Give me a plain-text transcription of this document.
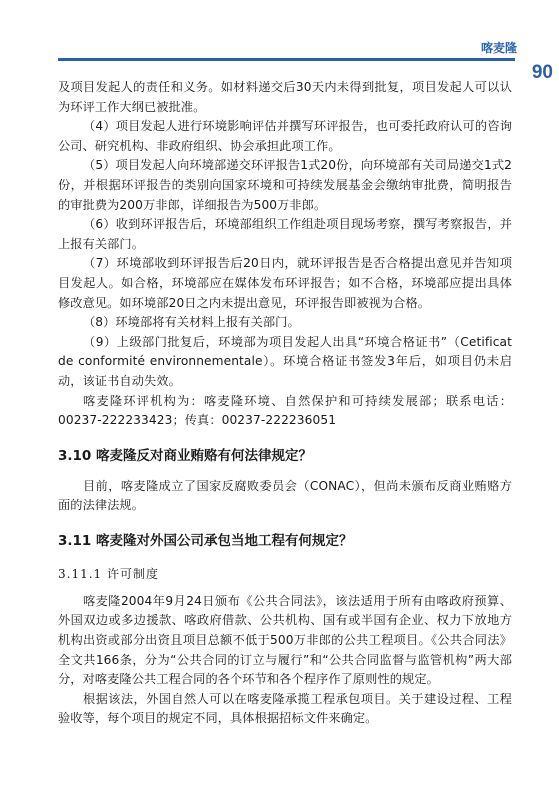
喀麦隆
90

及项目发起人的责任和义务。如材料递交后30天内未得到批复，项目发起人可以认为环评工作大纲已被批准。

（4）项目发起人进行环境影响评估并撰写环评报告，也可委托政府认可的咨询公司、研究机构、非政府组织、协会承担此项工作。

（5）项目发起人向环境部递交环评报告1式20份，向环境部有关司局递交1式2份，并根据环评报告的类别向国家环境和可持续发展基金会缴纳审批费，简明报告的审批费为200万非郎，详细报告为500万非郎。

（6）收到环评报告后，环境部组织工作组赴项目现场考察，撰写考察报告，并上报有关部门。

（7）环境部收到环评报告后20日内，就环评报告是否合格提出意见并告知项目发起人。如合格，环境部应在媒体发布环评报告；如不合格，环境部应提出具体修改意见。如环境部20日之内未提出意见，环评报告即被视为合格。

（8）环境部将有关材料上报有关部门。

（9）上级部门批复后，环境部为项目发起人出具“环境合格证书”（Cetificat de conformité environnementale）。环境合格证书签发3年后，如项目仍未启动，该证书自动失效。

喀麦隆环评机构为：喀麦隆环境、自然保护和可持续发展部；联系电话：00237-222233423；传真：00237-222236051

3.10 喀麦隆反对商业贿赂有何法律规定？

目前，喀麦隆成立了国家反腐败委员会（CONAC），但尚未颁布反商业贿赂方面的法律法规。

3.11 喀麦隆对外国公司承包当地工程有何规定？
3.11.1 许可制度

喀麦隆2004年9月24日颁布《公共合同法》，该法适用于所有由喀政府预算、外国双边或多边援款、喀政府借款、公共机构、国有或半国有企业、权力下放地方机构出资或部分出资且项目总额不低于500万非郎的公共工程项目。《公共合同法》全文共166条，分为“公共合同的订立与履行”和“公共合同监督与监管机构”两大部分，对喀麦隆公共工程合同的各个环节和各个程序作了原则性的规定。

根据该法，外国自然人可以在喀麦隆承揽工程承包项目。关于建设过程、工程验收等，每个项目的规定不同，具体根据招标文件来确定。
